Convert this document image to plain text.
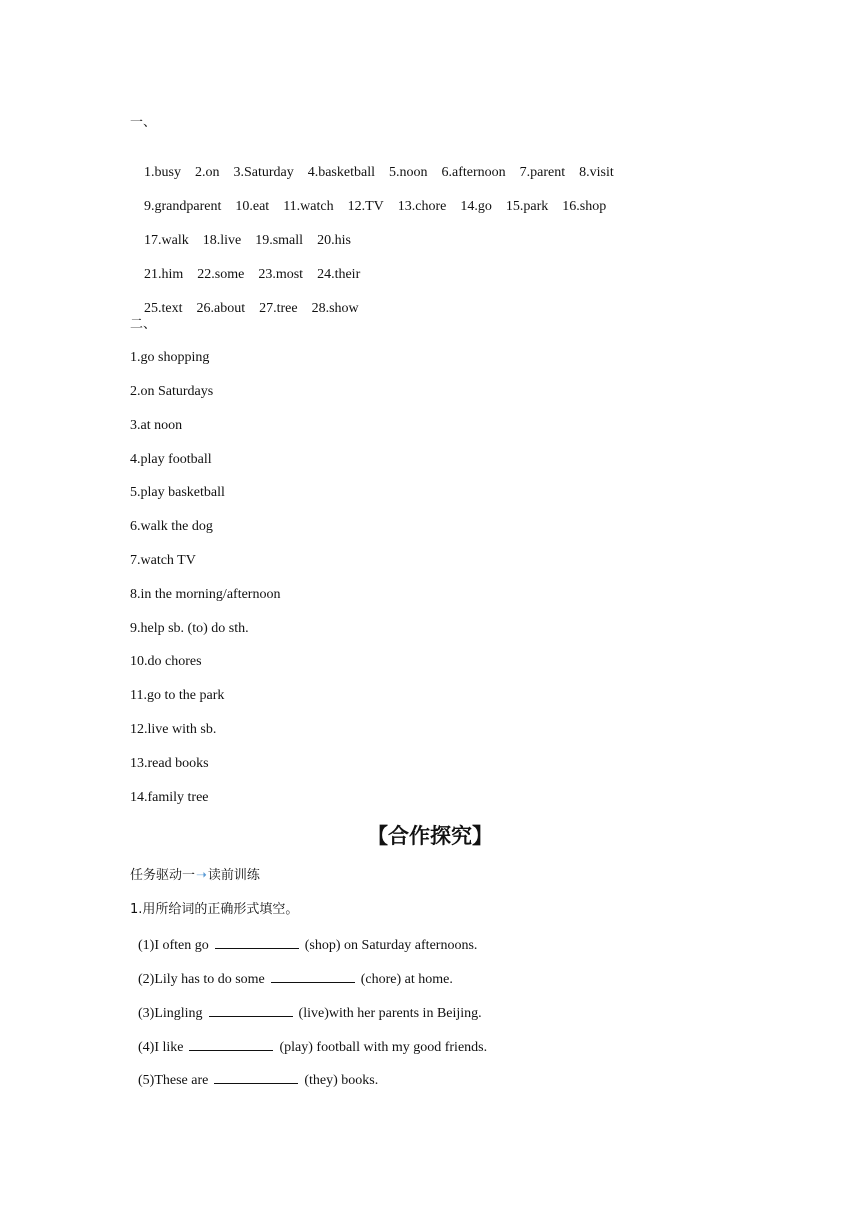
一、

1.busy 2.on 3.Saturday 4.basketball 5.noon 6.afternoon 7.parent 8.visit

9.grandparent 10.eat 11.watch 12.TV 13.chore 14.go 15.park 16.shop

17.walk 18.live 19.small 20.his

21.him 22.some 23.most 24.their

25.text 26.about 27.tree 28.show

二、
1.go shopping
2.on Saturdays
3.at noon
4.play football
5.play basketball
6.walk the dog
7.watch TV
8.in the morning/afternoon
9.help sb. (to) do sth.
10.do chores
11.go to the park
12.live with sb.
13.read books
14.family tree
【合作探究】
任务驱动一➝读前训练
1.用所给词的正确形式填空。
(1)I often go	(shop) on Saturday afternoons.
(2)Lily has to do some	(chore) at home.
(3)Lingling	(live)with her parents in Beijing.
(4)I like	(play) football with my good friends.
(5)These are	(they) books.
